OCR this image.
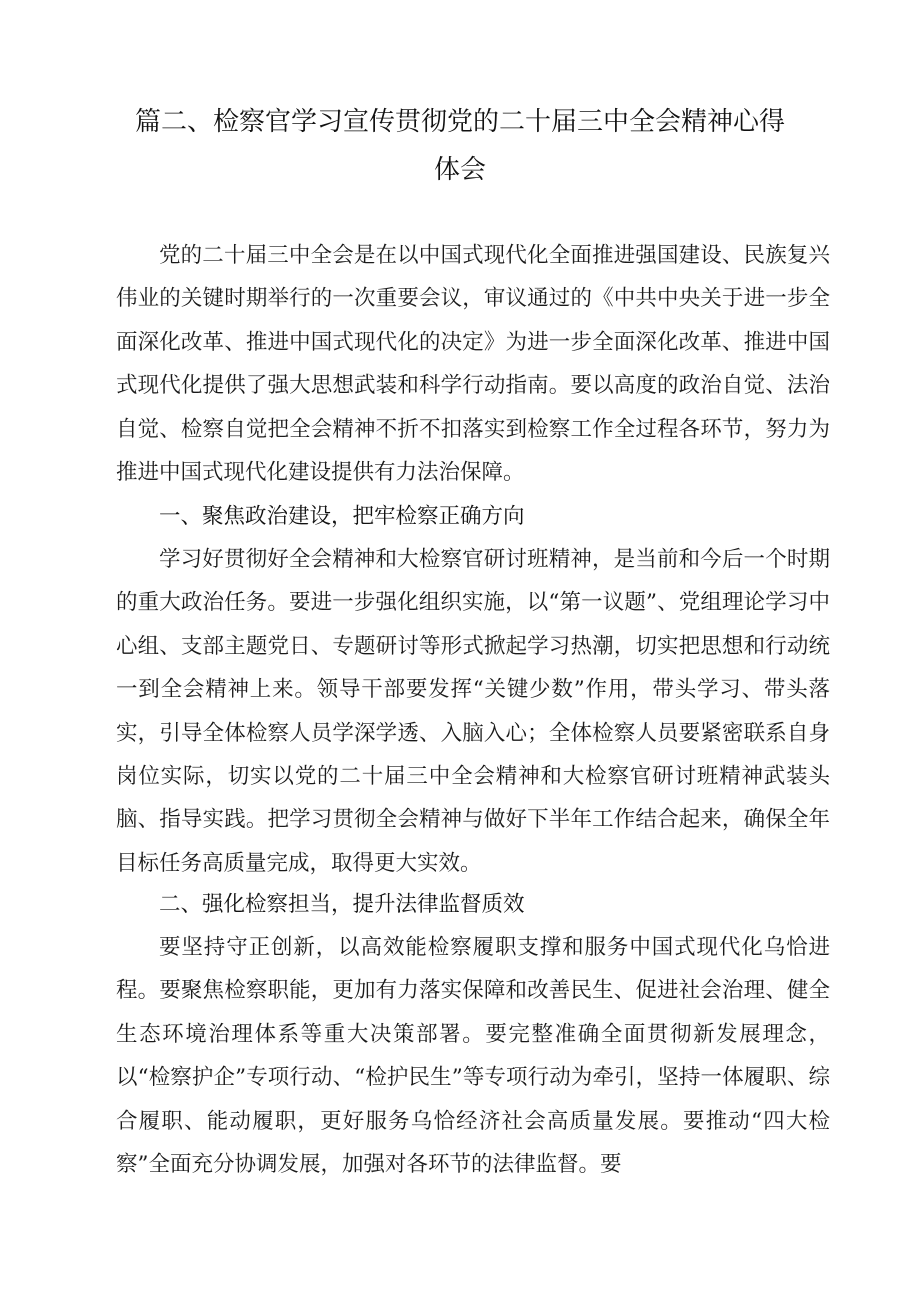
篇二、检察官学习宣传贯彻党的二十届三中全会精神心得
体会

党的二十届三中全会是在以中国式现代化全面推进强国建设、民族复兴伟业的关键时期举行的一次重要会议，审议通过的《中共中央关于进一步全面深化改革、推进中国式现代化的决定》为进一步全面深化改革、推进中国式现代化提供了强大思想武装和科学行动指南。要以高度的政治自觉、法治自觉、检察自觉把全会精神不折不扣落实到检察工作全过程各环节，努力为推进中国式现代化建设提供有力法治保障。

一、聚焦政治建设，把牢检察正确方向

学习好贯彻好全会精神和大检察官研讨班精神，是当前和今后一个时期的重大政治任务。要进一步强化组织实施，以“第一议题”、党组理论学习中心组、支部主题党日、专题研讨等形式掀起学习热潮，切实把思想和行动统一到全会精神上来。领导干部要发挥“关键少数”作用，带头学习、带头落实，引导全体检察人员学深学透、入脑入心；全体检察人员要紧密联系自身岗位实际，切实以党的二十届三中全会精神和大检察官研讨班精神武装头脑、指导实践。把学习贯彻全会精神与做好下半年工作结合起来，确保全年目标任务高质量完成，取得更大实效。

二、强化检察担当，提升法律监督质效

要坚持守正创新，以高效能检察履职支撑和服务中国式现代化乌恰进程。要聚焦检察职能，更加有力落实保障和改善民生、促进社会治理、健全生态环境治理体系等重大决策部署。要完整准确全面贯彻新发展理念，以“检察护企”专项行动、“检护民生”等专项行动为牵引，坚持一体履职、综合履职、能动履职，更好服务乌恰经济社会高质量发展。要推动“四大检察”全面充分协调发展，加强对各环节的法律监督。要
